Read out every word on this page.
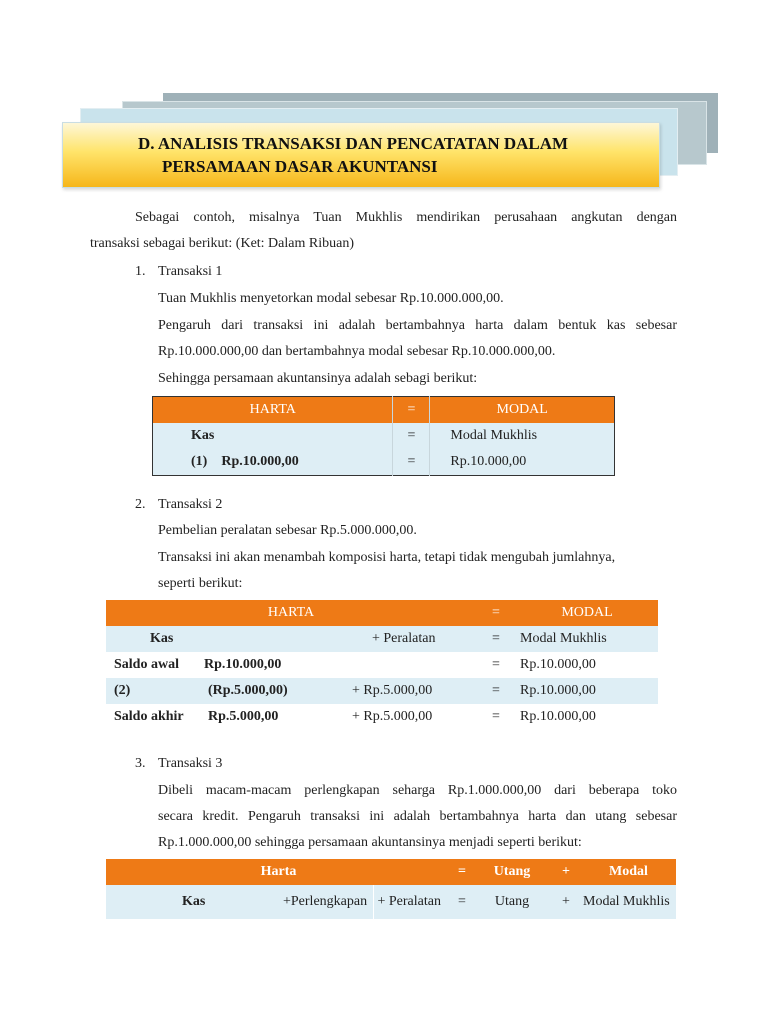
D. ANALISIS TRANSAKSI DAN PENCATATAN DALAM
PERSAMAAN DASAR AKUNTANSI
Sebagai contoh, misalnya Tuan Mukhlis mendirikan perusahaan angkutan dengan
transaksi sebagai berikut: (Ket: Dalam Ribuan)
1. Transaksi 1
Tuan Mukhlis menyetorkan modal sebesar Rp.10.000.000,00.
Pengaruh dari transaksi ini adalah bertambahnya harta dalam bentuk kas sebesar
Rp.10.000.000,00 dan bertambahnya modal sebesar Rp.10.000.000,00.
Sehingga persamaan akuntansinya adalah sebagi berikut:
HARTA	=	MODAL
Kas	=	Modal Mukhlis
(1) Rp.10.000,00	=	Rp.10.000,00
2. Transaksi 2
Pembelian peralatan sebesar Rp.5.000.000,00.
Transaksi ini akan menambah komposisi harta, tetapi tidak mengubah jumlahnya,
seperti berikut:
HARTA			=	MODAL
Kas		+ Peralatan	=	Modal Mukhlis
Saldo awal	Rp.10.000,00		=	Rp.10.000,00
(2)	(Rp.5.000,00)	+ Rp.5.000,00	=	Rp.10.000,00
Saldo akhir	Rp.5.000,00	+ Rp.5.000,00	=	Rp.10.000,00
3. Transaksi 3
Dibeli macam-macam perlengkapan seharga Rp.1.000.000,00 dari beberapa toko
secara kredit. Pengaruh transaksi ini adalah bertambahnya harta dan utang sebesar
Rp.1.000.000,00 sehingga persamaan akuntansinya menjadi seperti berikut:
Harta			=	Utang	+	Modal
Kas	+Perlengkapan	+ Peralatan	=	Utang	+	Modal Mukhlis
